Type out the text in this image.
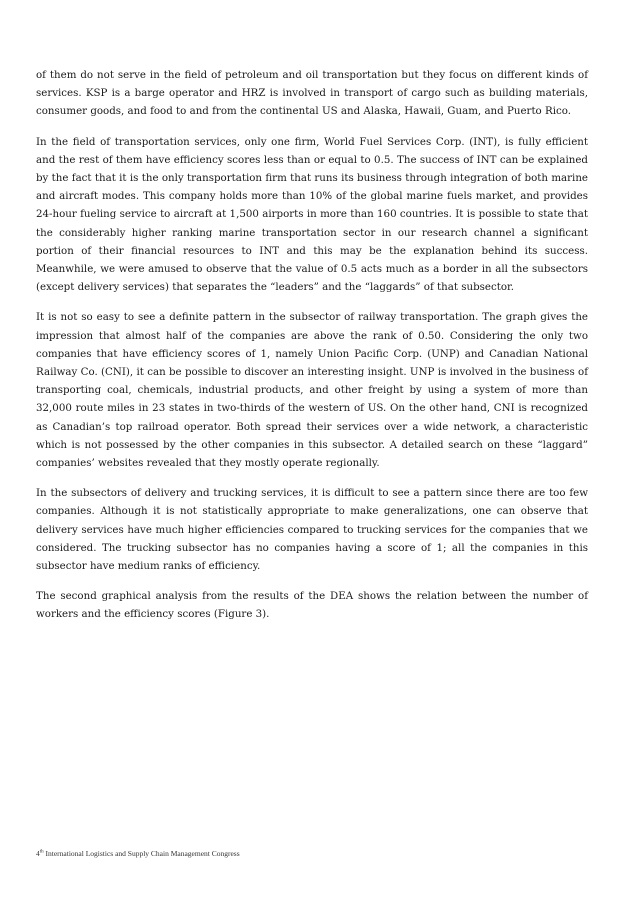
of them do not serve in the field of petroleum and oil transportation but they focus on different kinds of services. KSP is a barge operator and HRZ is involved in transport of cargo such as building materials, consumer goods, and food to and from the continental US and Alaska, Hawaii, Guam, and Puerto Rico.

In the field of transportation services, only one firm, World Fuel Services Corp. (INT), is fully efficient and the rest of them have efficiency scores less than or equal to 0.5. The success of INT can be explained by the fact that it is the only transportation firm that runs its business through integration of both marine and aircraft modes. This company holds more than 10% of the global marine fuels market, and provides 24-hour fueling service to aircraft at 1,500 airports in more than 160 countries. It is possible to state that the considerably higher ranking marine transportation sector in our research channel a significant portion of their financial resources to INT and this may be the explanation behind its success. Meanwhile, we were amused to observe that the value of 0.5 acts much as a border in all the subsectors (except delivery services) that separates the “leaders” and the “laggards” of that subsector.

It is not so easy to see a definite pattern in the subsector of railway transportation. The graph gives the impression that almost half of the companies are above the rank of 0.50. Considering the only two companies that have efficiency scores of 1, namely Union Pacific Corp. (UNP) and Canadian National Railway Co. (CNI), it can be possible to discover an interesting insight. UNP is involved in the business of transporting coal, chemicals, industrial products, and other freight by using a system of more than 32,000 route miles in 23 states in two-thirds of the western of US. On the other hand, CNI is recognized as Canadian’s top railroad operator. Both spread their services over a wide network, a characteristic which is not possessed by the other companies in this subsector. A detailed search on these “laggard” companies’ websites revealed that they mostly operate regionally.

In the subsectors of delivery and trucking services, it is difficult to see a pattern since there are too few companies. Although it is not statistically appropriate to make generalizations, one can observe that delivery services have much higher efficiencies compared to trucking services for the companies that we considered. The trucking subsector has no companies having a score of 1; all the companies in this subsector have medium ranks of efficiency.

The second graphical analysis from the results of the DEA shows the relation between the number of workers and the efficiency scores (Figure 3).

4th International Logistics and Supply Chain Management Congress
